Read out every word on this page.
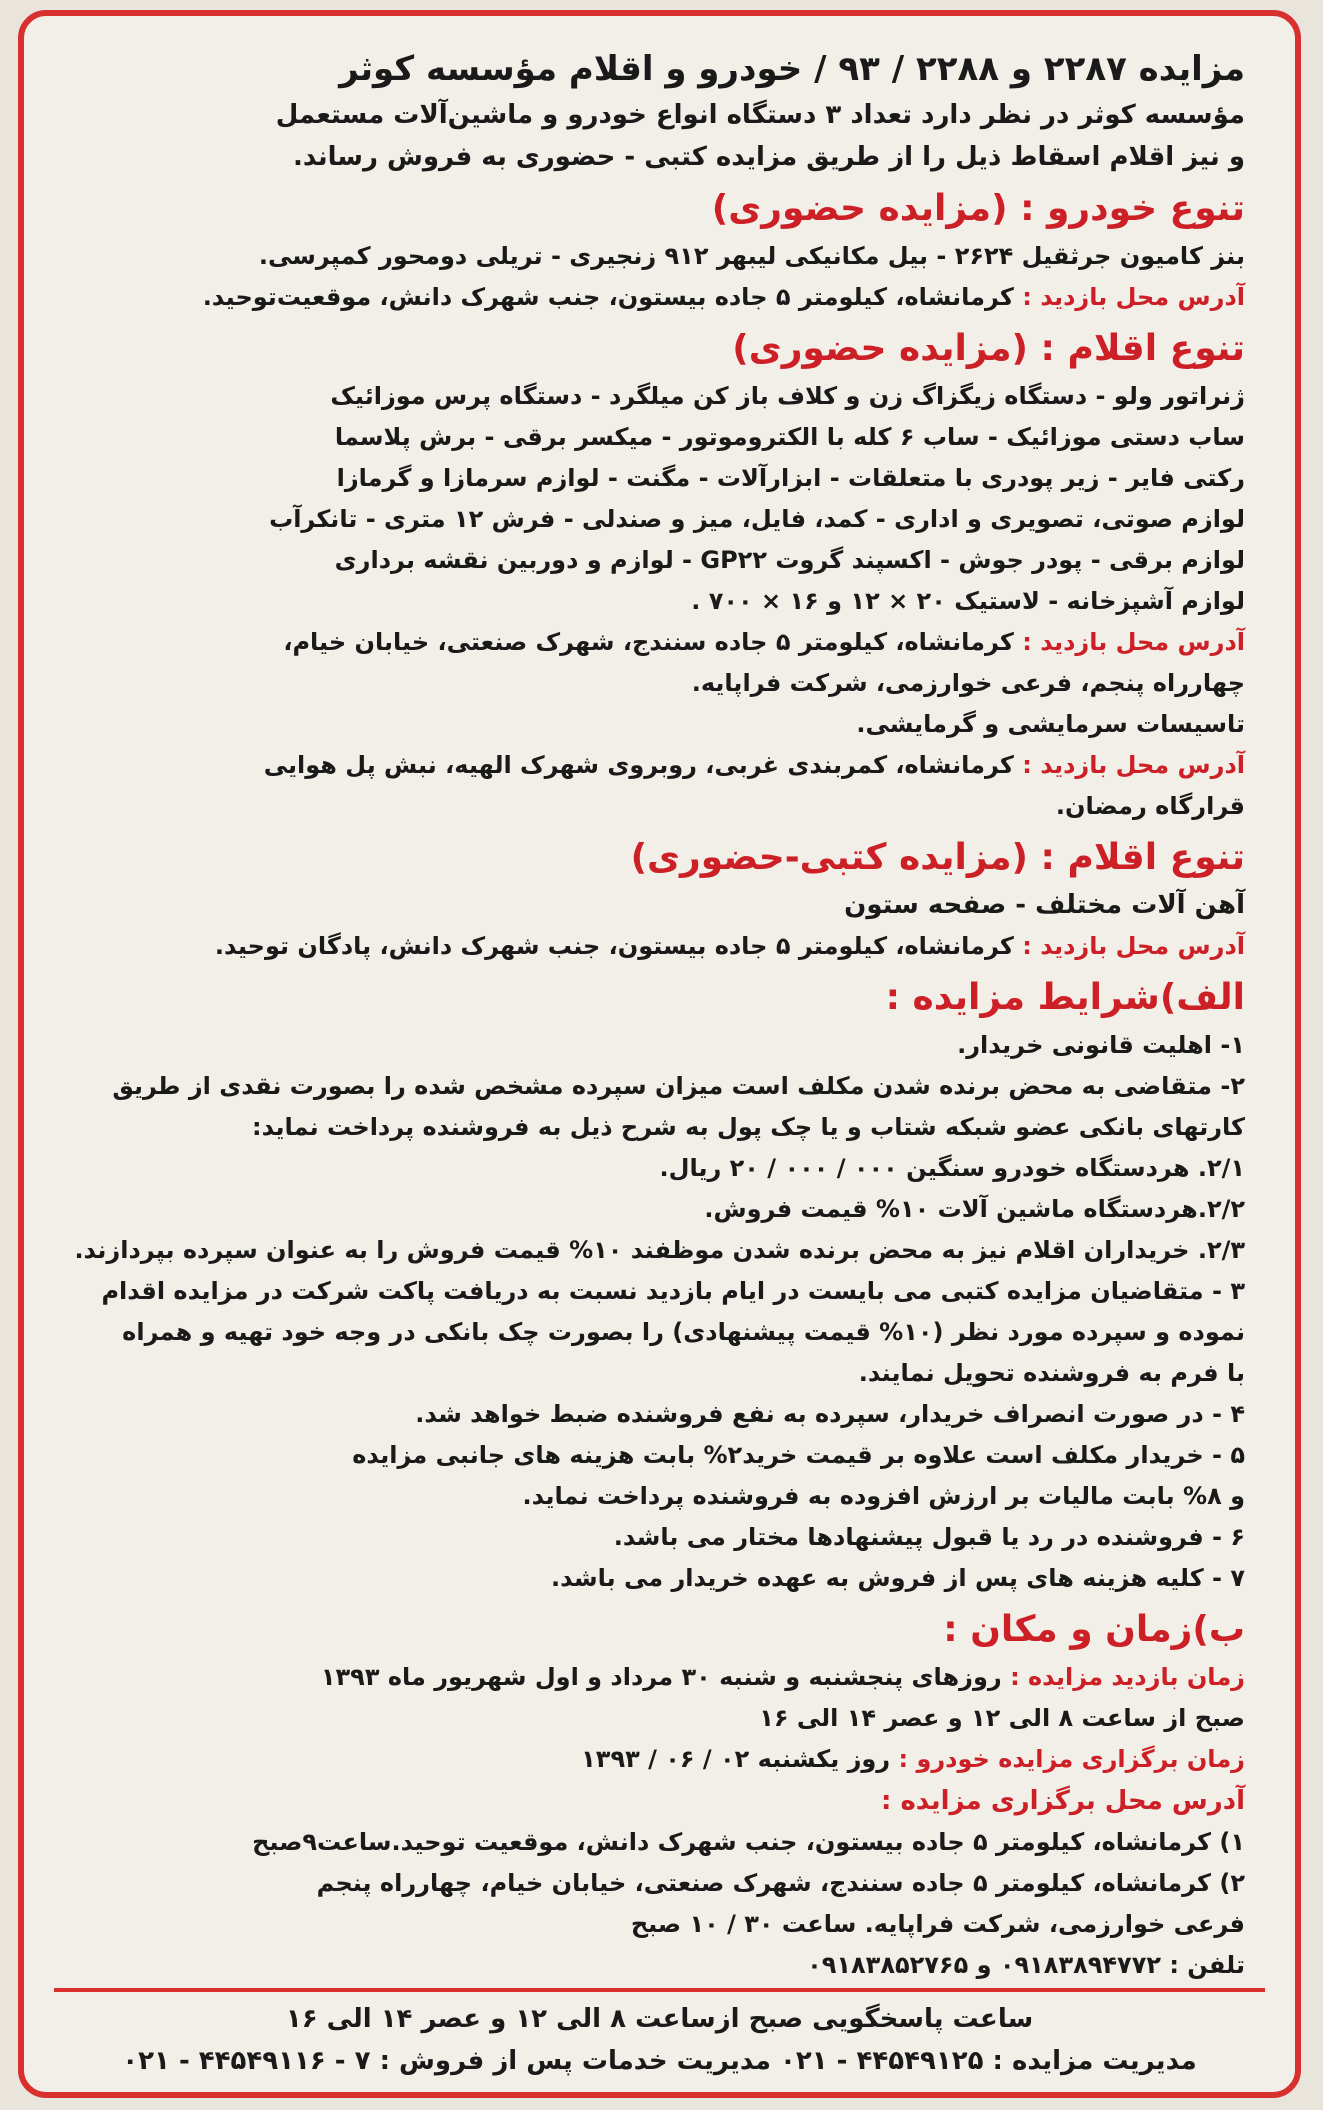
مزایده ۲۲۸۷ و ۲۲۸۸ / ۹۳ / خودرو و اقلام مؤسسه کوثر

مؤسسه کوثر در نظر دارد تعداد ۳ دستگاه انواع خودرو و ماشین‌آلات مستعمل

و نیز اقلام اسقاط ذیل را از طریق مزایده کتبی - حضوری به فروش رساند.

تنوع خودرو : (مزایده حضوری)

بنز کامیون جرثقیل ۲۶۲۴ - بیل مکانیکی لیبهر ۹۱۲ زنجیری - تریلی دومحور کمپرسی.

آدرس محل بازدید : کرمانشاه، کیلومتر ۵ جاده بیستون، جنب شهرک دانش، موقعیت‌توحید.

تنوع اقلام : (مزایده حضوری)

ژنراتور ولو - دستگاه زیگزاگ زن و کلاف باز کن میلگرد - دستگاه پرس موزائیک

ساب دستی موزائیک - ساب ۶ کله با الکتروموتور - میکسر برقی - برش پلاسما

رکتی فایر - زیر پودری با متعلقات - ابزارآلات - مگنت - لوازم سرمازا و گرمازا

لوازم صوتی، تصویری و اداری - کمد، فایل، میز و صندلی - فرش ۱۲ متری - تانکرآب

لوازم برقی - پودر جوش - اکسپند گروت GP۲۲ - لوازم و دوربین نقشه برداری

لوازم آشپزخانه - لاستیک ۲۰ × ۱۲ و ۱۶ × ۷۰۰ .

آدرس محل بازدید : کرمانشاه، کیلومتر ۵ جاده سنندج، شهرک صنعتی، خیابان خیام،

چهارراه پنجم، فرعی خوارزمی، شرکت فراپایه.

تاسیسات سرمایشی و گرمایشی.

آدرس محل بازدید : کرمانشاه، کمربندی غربی، روبروی شهرک الهیه، نبش پل هوایی

قرارگاه رمضان.

تنوع اقلام : (مزایده کتبی-حضوری)

آهن آلات مختلف - صفحه ستون

آدرس محل بازدید : کرمانشاه، کیلومتر ۵ جاده بیستون، جنب شهرک دانش، پادگان توحید.

الف)شرایط مزایده :

۱- اهلیت قانونی خریدار.

۲- متقاضی به محض برنده شدن مکلف است میزان سپرده مشخص شده را بصورت نقدی از طریق

کارتهای بانکی عضو شبکه شتاب و یا چک پول به شرح ذیل به فروشنده پرداخت نماید:

۲/۱. هردستگاه خودرو سنگین ۰۰۰ / ۰۰۰ / ۲۰ ریال.

۲/۲.هردستگاه ماشین آلات ۱۰% قیمت فروش.

۲/۳. خریداران اقلام نیز به محض برنده شدن موظفند ۱۰% قیمت فروش را به عنوان سپرده بپردازند.

۳ - متقاضیان مزایده کتبی می بایست در ایام بازدید نسبت به دریافت پاکت شرکت در مزایده اقدام

نموده و سپرده مورد نظر (۱۰% قیمت پیشنهادی) را بصورت چک بانکی در وجه خود تهیه و همراه

با فرم به فروشنده تحویل نمایند.

۴ - در صورت انصراف خریدار، سپرده به نفع فروشنده ضبط خواهد شد.

۵ - خریدار مکلف است علاوه بر قیمت خرید۲% بابت هزینه های جانبی مزایده

و ۸% بابت مالیات بر ارزش افزوده به فروشنده پرداخت نماید.

۶ - فروشنده در رد یا قبول پیشنهادها مختار می باشد.

۷ - کلیه هزینه های پس از فروش به عهده خریدار می باشد.

ب)زمان و مکان :

زمان بازدید مزایده : روزهای پنجشنبه و شنبه ۳۰ مرداد و اول شهریور ماه ۱۳۹۳

صبح از ساعت ۸ الی ۱۲ و عصر ۱۴ الی ۱۶

زمان برگزاری مزایده خودرو : روز یکشنبه ۰۲ / ۰۶ / ۱۳۹۳

آدرس محل برگزاری مزایده :

۱) کرمانشاه، کیلومتر ۵ جاده بیستون، جنب شهرک دانش، موقعیت توحید.ساعت۹صبح

۲) کرمانشاه، کیلومتر ۵ جاده سنندج، شهرک صنعتی، خیابان خیام، چهارراه پنجم

فرعی خوارزمی، شرکت فراپایه. ساعت ۳۰ / ۱۰ صبح

تلفن : ۰۹۱۸۳۸۹۴۷۷۲ و ۰۹۱۸۳۸۵۲۷۶۵

ساعت پاسخگویی صبح ازساعت ۸ الی ۱۲ و عصر ۱۴ الی ۱۶

مدیریت مزایده : ۴۴۵۴۹۱۲۵ - ۰۲۱ مدیریت خدمات پس از فروش : ۷ - ۴۴۵۴۹۱۱۶ - ۰۲۱
